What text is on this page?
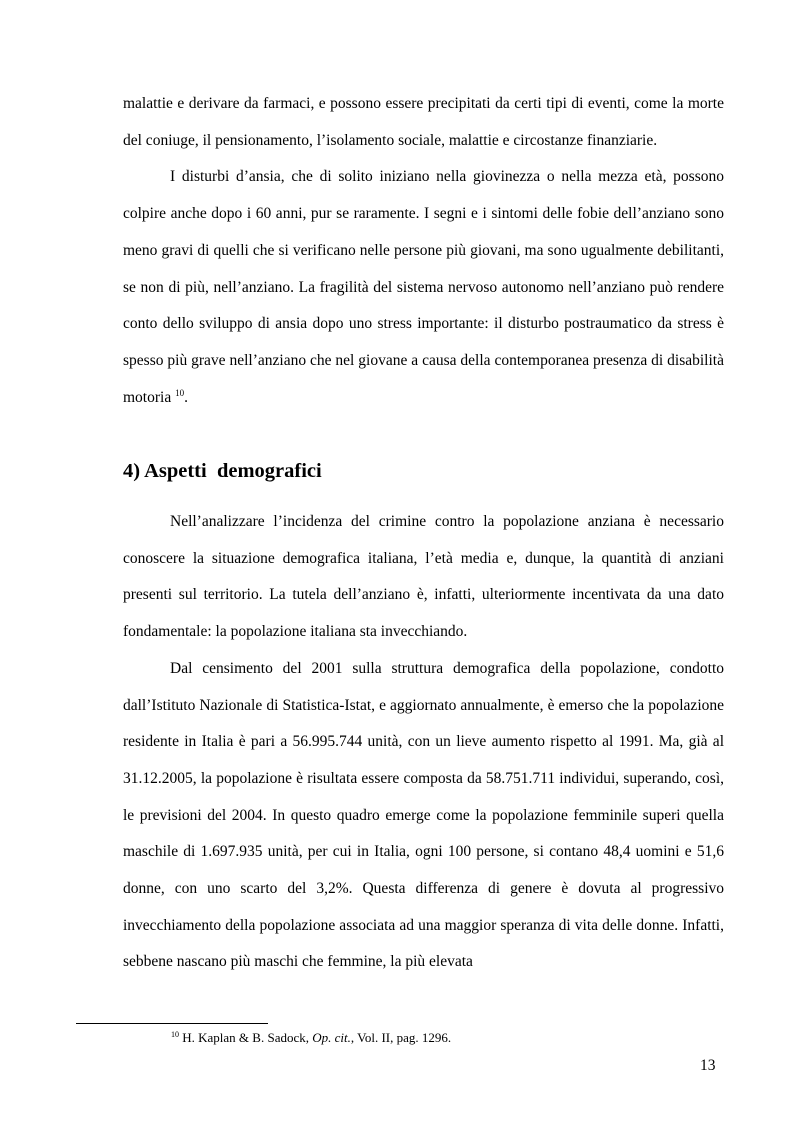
malattie e derivare da farmaci, e possono essere precipitati da certi tipi di eventi, come la morte del coniuge, il pensionamento, l’isolamento sociale, malattie e circostanze finanziarie.

I disturbi d’ansia, che di solito iniziano nella giovinezza o nella mezza età, possono colpire anche dopo i 60 anni, pur se raramente. I segni e i sintomi delle fobie dell’anziano sono meno gravi di quelli che si verificano nelle persone più giovani, ma sono ugualmente debilitanti, se non di più, nell’anziano. La fragilità del sistema nervoso autonomo nell’anziano può rendere conto dello sviluppo di ansia dopo uno stress importante: il disturbo postraumatico da stress è spesso più grave nell’anziano che nel giovane a causa della contemporanea presenza di disabilità motoria $^{10}$.

4) Aspetti  demografici

Nell’analizzare l’incidenza del crimine contro la popolazione anziana è necessario conoscere la situazione demografica italiana, l’età media e, dunque, la quantità di anziani presenti sul territorio. La tutela dell’anziano è, infatti, ulteriormente incentivata da una dato fondamentale: la popolazione italiana sta invecchiando.

Dal censimento del 2001 sulla struttura demografica della popolazione, condotto dall’Istituto Nazionale di Statistica-Istat, e aggiornato annualmente, è emerso che la popolazione residente in Italia è pari a 56.995.744 unità, con un lieve aumento rispetto al 1991. Ma, già al 31.12.2005, la popolazione è risultata essere composta da 58.751.711 individui, superando, così, le previsioni del 2004. In questo quadro emerge come la popolazione femminile superi quella maschile di 1.697.935 unità, per cui in Italia, ogni 100 persone, si contano 48,4 uomini e 51,6 donne, con uno scarto del 3,2%. Questa differenza di genere è dovuta al progressivo invecchiamento della popolazione associata ad una maggior speranza di vita delle donne. Infatti, sebbene nascano più maschi che femmine, la più elevata

$^{10}$ H. Kaplan & B. Sadock, Op. cit., Vol. II, pag. 1296.

13
